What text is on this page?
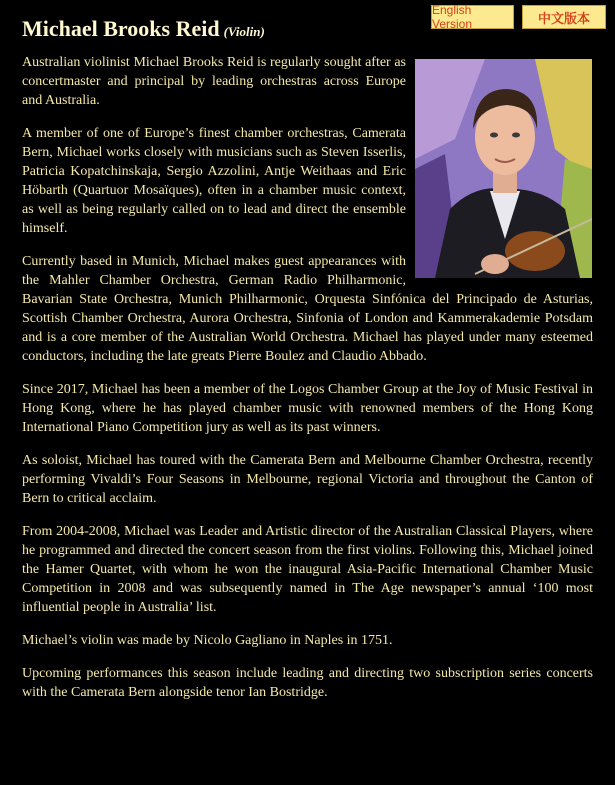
English Version	中文版本
Michael Brooks Reid (Violin)

Australian violinist Michael Brooks Reid is regularly sought after as concertmaster and principal by leading orchestras across Europe and Australia.

A member of one of Europe’s finest chamber orchestras, Camerata Bern, Michael works closely with musicians such as Steven Isserlis, Patricia Kopatchinskaja, Sergio Azzolini, Antje Weithaas and Eric Höbarth (Quartuor Mosaïques), often in a chamber music context, as well as being regularly called on to lead and direct the ensemble himself.

Currently based in Munich, Michael makes guest appearances with the Mahler Chamber Orchestra, German Radio Philharmonic, Bavarian State Orchestra, Munich Philharmonic, Orquesta Sinfónica del Principado de Asturias, Scottish Chamber Orchestra, Aurora Orchestra, Sinfonia of London and Kammerakademie Potsdam and is a core member of the Australian World Orchestra. Michael has played under many esteemed conductors, including the late greats Pierre Boulez and Claudio Abbado.

Since 2017, Michael has been a member of the Logos Chamber Group at the Joy of Music Festival in Hong Kong, where he has played chamber music with renowned members of the Hong Kong International Piano Competition jury as well as its past winners.

As soloist, Michael has toured with the Camerata Bern and Melbourne Chamber Orchestra, recently performing Vivaldi’s Four Seasons in Melbourne, regional Victoria and throughout the Canton of Bern to critical acclaim.

From 2004-2008, Michael was Leader and Artistic director of the Australian Classical Players, where he programmed and directed the concert season from the first violins. Following this, Michael joined the Hamer Quartet, with whom he won the inaugural Asia-Pacific International Chamber Music Competition in 2008 and was subsequently named in The Age newspaper’s annual ‘100 most influential people in Australia’ list.

Michael’s violin was made by Nicolo Gagliano in Naples in 1751.

Upcoming performances this season include leading and directing two subscription series concerts with the Camerata Bern alongside tenor Ian Bostridge.
